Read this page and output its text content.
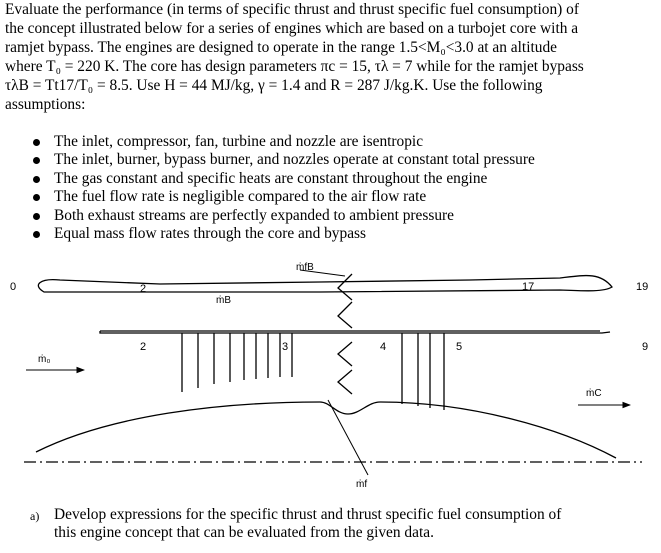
Evaluate the performance (in terms of specific thrust and thrust specific fuel consumption) of
the concept illustrated below for a series of engines which are based on a turbojet core with a
ramjet bypass. The engines are designed to operate in the range 1.5<M₀<3.0 at an altitude
where T₀ = 220 K. The core has design parameters πc = 15, τλ = 7 while for the ramjet bypass
τλB = Tt17/T₀ = 8.5. Use H = 44 MJ/kg, γ = 1.4 and R = 287 J/kg.K. Use the following
assumptions:
The inlet, compressor, fan, turbine and nozzle are isentropic
The inlet, burner, bypass burner, and nozzles operate at constant total pressure
The gas constant and specific heats are constant throughout the engine
The fuel flow rate is negligible compared to the air flow rate
Both exhaust streams are perfectly expanded to ambient pressure
Equal mass flow rates through the core and bypass
0	2	17	19
2	3	4	5	9
ṁ₀
ṁB
ṁfB
ṁC
ṁf
a) Develop expressions for the specific thrust and thrust specific fuel consumption of
this engine concept that can be evaluated from the given data.
